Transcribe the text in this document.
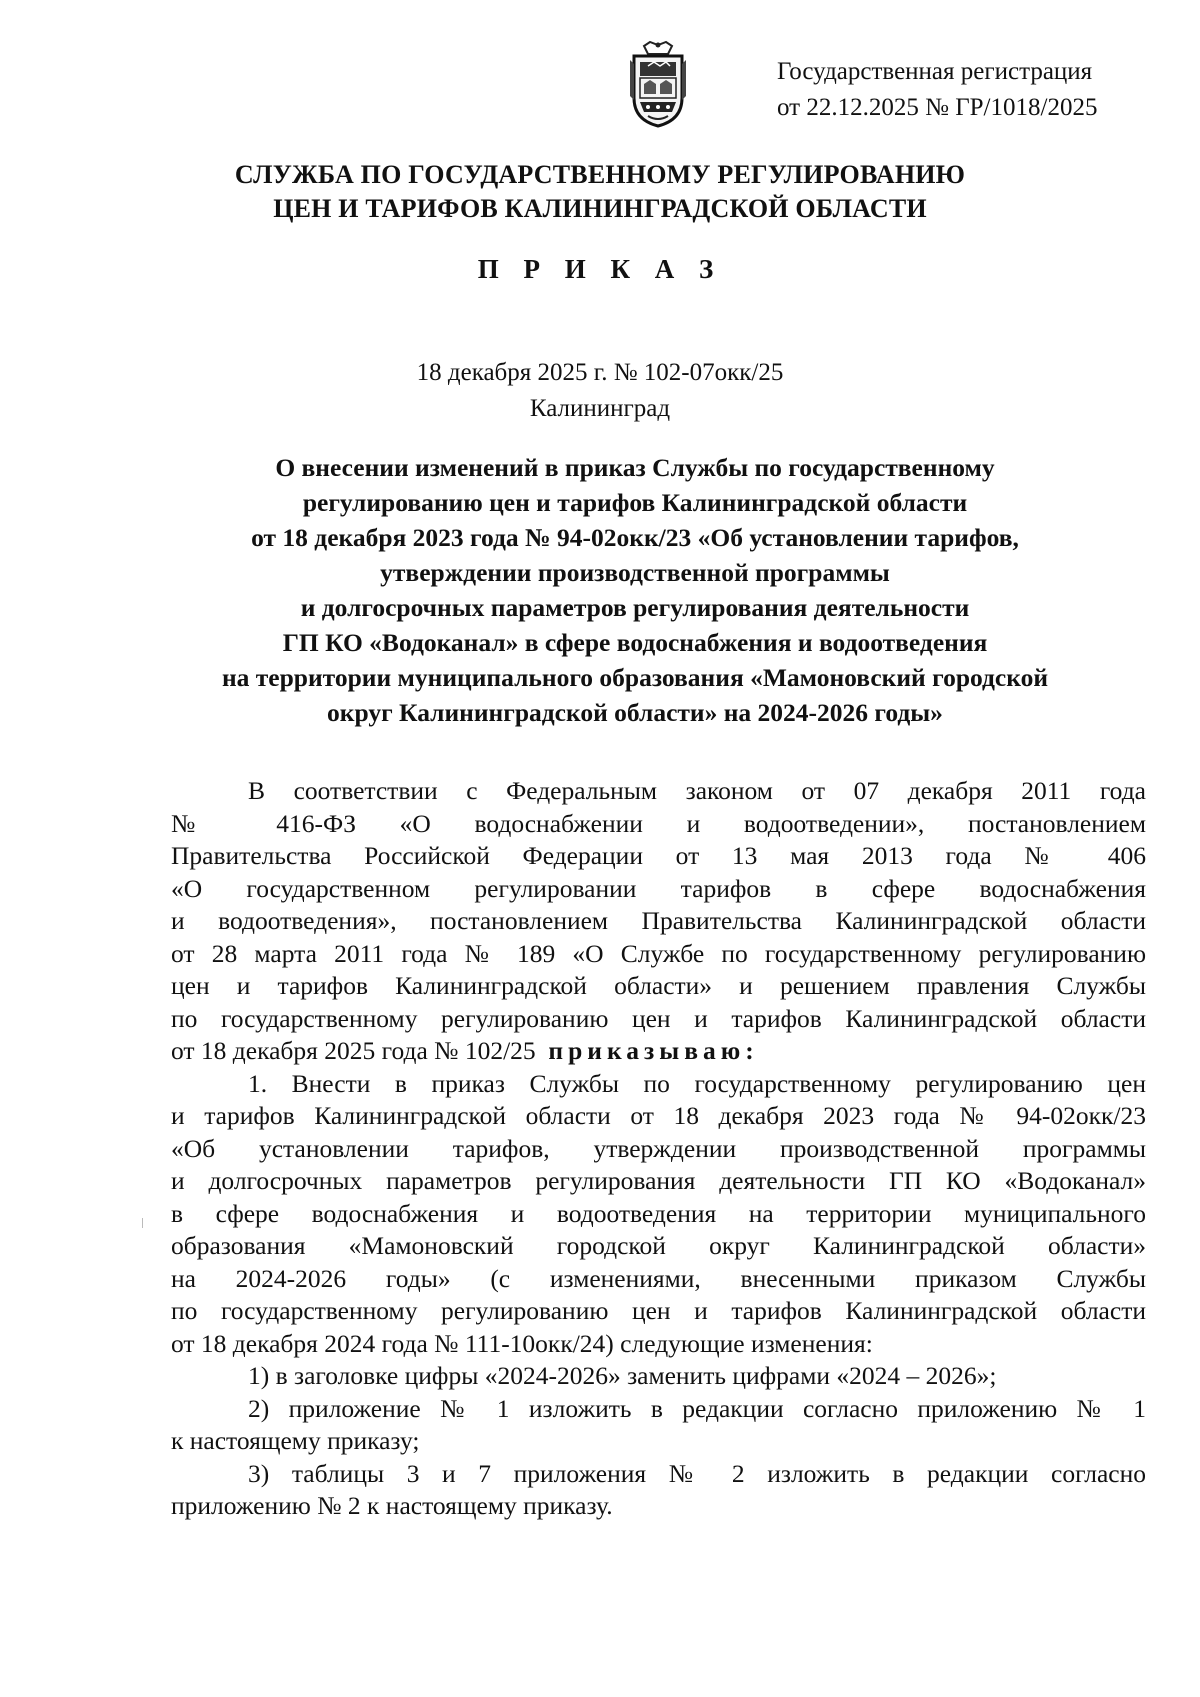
Государственная регистрация
от 22.12.2025 № ГР/1018/2025
СЛУЖБА ПО ГОСУДАРСТВЕННОМУ РЕГУЛИРОВАНИЮ
ЦЕН И ТАРИФОВ КАЛИНИНГРАДСКОЙ ОБЛАСТИ
П Р И К А З
18 декабря 2025 г. № 102-07окк/25
Калининград
О внесении изменений в приказ Службы по государственному
регулированию цен и тарифов Калининградской области
от 18 декабря 2023 года № 94-02окк/23 «Об установлении тарифов,
утверждении производственной программы
и долгосрочных параметров регулирования деятельности
ГП КО «Водоканал» в сфере водоснабжения и водоотведения
на территории муниципального образования «Мамоновский городской
округ Калининградской области» на 2024-2026 годы»
В соответствии с Федеральным законом от 07 декабря 2011 года
№ 416-ФЗ «О водоснабжении и водоотведении», постановлением
Правительства Российской Федерации от 13 мая 2013 года № 406
«О государственном регулировании тарифов в сфере водоснабжения
и водоотведения», постановлением Правительства Калининградской области
от 28 марта 2011 года № 189 «О Службе по государственному регулированию
цен и тарифов Калининградской области» и решением правления Службы
по государственному регулированию цен и тарифов Калининградской области
от 18 декабря 2025 года № 102/25 приказываю:
1. Внести в приказ Службы по государственному регулированию цен
и тарифов Калининградской области от 18 декабря 2023 года № 94-02окк/23
«Об установлении тарифов, утверждении производственной программы
и долгосрочных параметров регулирования деятельности ГП КО «Водоканал»
в сфере водоснабжения и водоотведения на территории муниципального
образования «Мамоновский городской округ Калининградской области»
на 2024-2026 годы» (с изменениями, внесенными приказом Службы
по государственному регулированию цен и тарифов Калининградской области
от 18 декабря 2024 года № 111-10окк/24) следующие изменения:
1) в заголовке цифры «2024-2026» заменить цифрами «2024 – 2026»;
2) приложение № 1 изложить в редакции согласно приложению № 1
к настоящему приказу;
3) таблицы 3 и 7 приложения № 2 изложить в редакции согласно
приложению № 2 к настоящему приказу.
